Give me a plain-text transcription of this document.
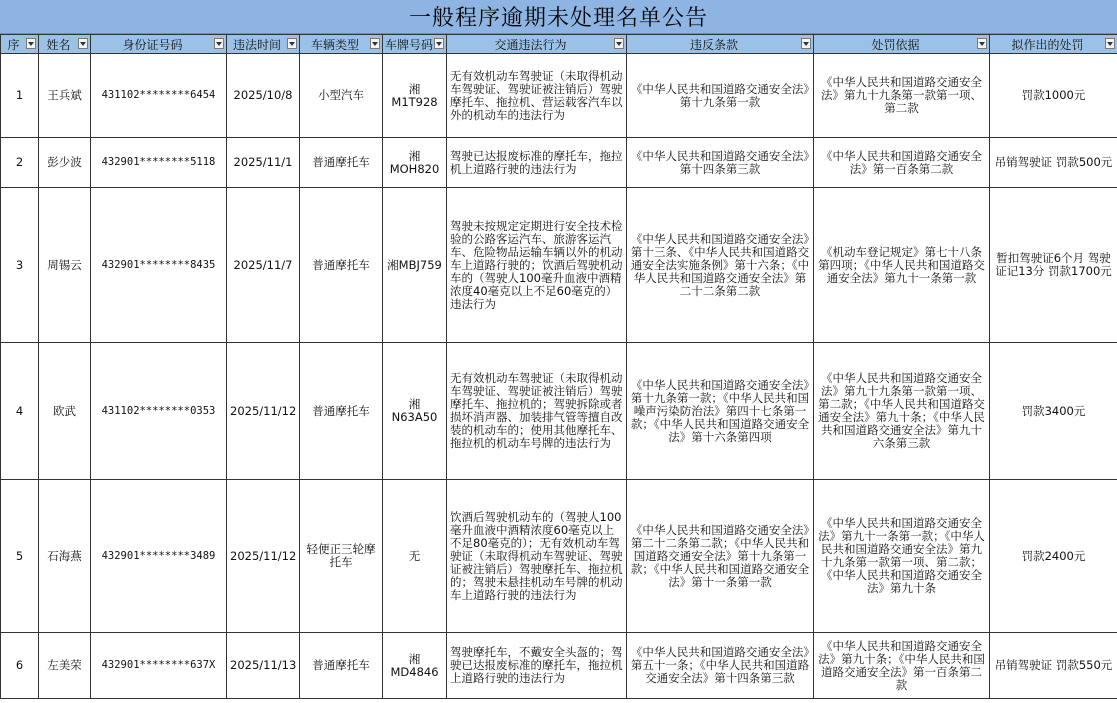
一般程序逾期未处理名单公告
序	姓名	身份证号码	违法时间	车辆类型	车牌号码	交通违法行为	违反条款	处罚依据	拟作出的处罚

1	王兵斌	431102********6454	2025/10/8	小型汽车	湘M1T928	无有效机动车驾驶证（未取得机动车驾驶证、驾驶证被注销后）驾驶摩托车、拖拉机、营运载客汽车以外的机动车的违法行为	《中华人民共和国道路交通安全法》第十九条第一款	《中华人民共和国道路交通安全法》第九十九条第一款第一项、第二款	罚款1000元
2	彭少波	432901********5118	2025/11/1	普通摩托车	湘MOH820	驾驶已达报废标准的摩托车，拖拉机上道路行驶的违法行为	《中华人民共和国道路交通安全法》第十四条第三款	《中华人民共和国道路交通安全法》第一百条第二款	吊销驾驶证 罚款500元
3	周锡云	432901********8435	2025/11/7	普通摩托车	湘MBJ759	驾驶未按规定定期进行安全技术检验的公路客运汽车、旅游客运汽车、危险物品运输车辆以外的机动车上道路行驶的；饮酒后驾驶机动车的（驾驶人100毫升血液中酒精浓度40毫克以上不足60毫克的）违法行为	《中华人民共和国道路交通安全法》第十三条、《中华人民共和国道路交通安全法实施条例》第十六条；《中华人民共和国道路交通安全法》第二十二条第二款	《机动车登记规定》第七十八条第四项；《中华人民共和国道路交通安全法》第九十一条第一款	暂扣驾驶证6个月 驾驶证记13分 罚款1700元
4	欧武	431102********0353	2025/11/12	普通摩托车	湘N63A50	无有效机动车驾驶证（未取得机动车驾驶证、驾驶证被注销后）驾驶摩托车、拖拉机的；驾驶拆除或者损坏消声器、加装排气管等擅自改装的机动车的；使用其他摩托车、拖拉机的机动车号牌的违法行为	《中华人民共和国道路交通安全法》第十九条第一款；《中华人民共和国噪声污染防治法》第四十七条第一款；《中华人民共和国道路交通安全法》第十六条第四项	《中华人民共和国道路交通安全法》第九十九条第一款第一项、第二款；《中华人民共和国道路交通安全法》第九十条；《中华人民共和国道路交通安全法》第九十六条第三款	罚款3400元
5	石海燕	432901********3489	2025/11/12	轻便正三轮摩托车	无	饮酒后驾驶机动车的（驾驶人100毫升血液中酒精浓度60毫克以上不足80毫克的）；无有效机动车驾驶证（未取得机动车驾驶证、驾驶证被注销后）驾驶摩托车、拖拉机的；驾驶未悬挂机动车号牌的机动车上道路行驶的违法行为	《中华人民共和国道路交通安全法》第二十二条第二款；《中华人民共和国道路交通安全法》第十九条第一款；《中华人民共和国道路交通安全法》第十一条第一款	《中华人民共和国道路交通安全法》第九十一条第一款；《中华人民共和国道路交通安全法》第九十九条第一款第一项、第二款；《中华人民共和国道路交通安全法》第九十条	罚款2400元
6	左美荣	432901********637X	2025/11/13	普通摩托车	湘MD4846	驾驶摩托车，不戴安全头盔的；驾驶已达报废标准的摩托车，拖拉机上道路行驶的违法行为	《中华人民共和国道路交通安全法》第五十一条；《中华人民共和国道路交通安全法》第十四条第三款	《中华人民共和国道路交通安全法》第九十条；《中华人民共和国道路交通安全法》第一百条第二款	吊销驾驶证 罚款550元
